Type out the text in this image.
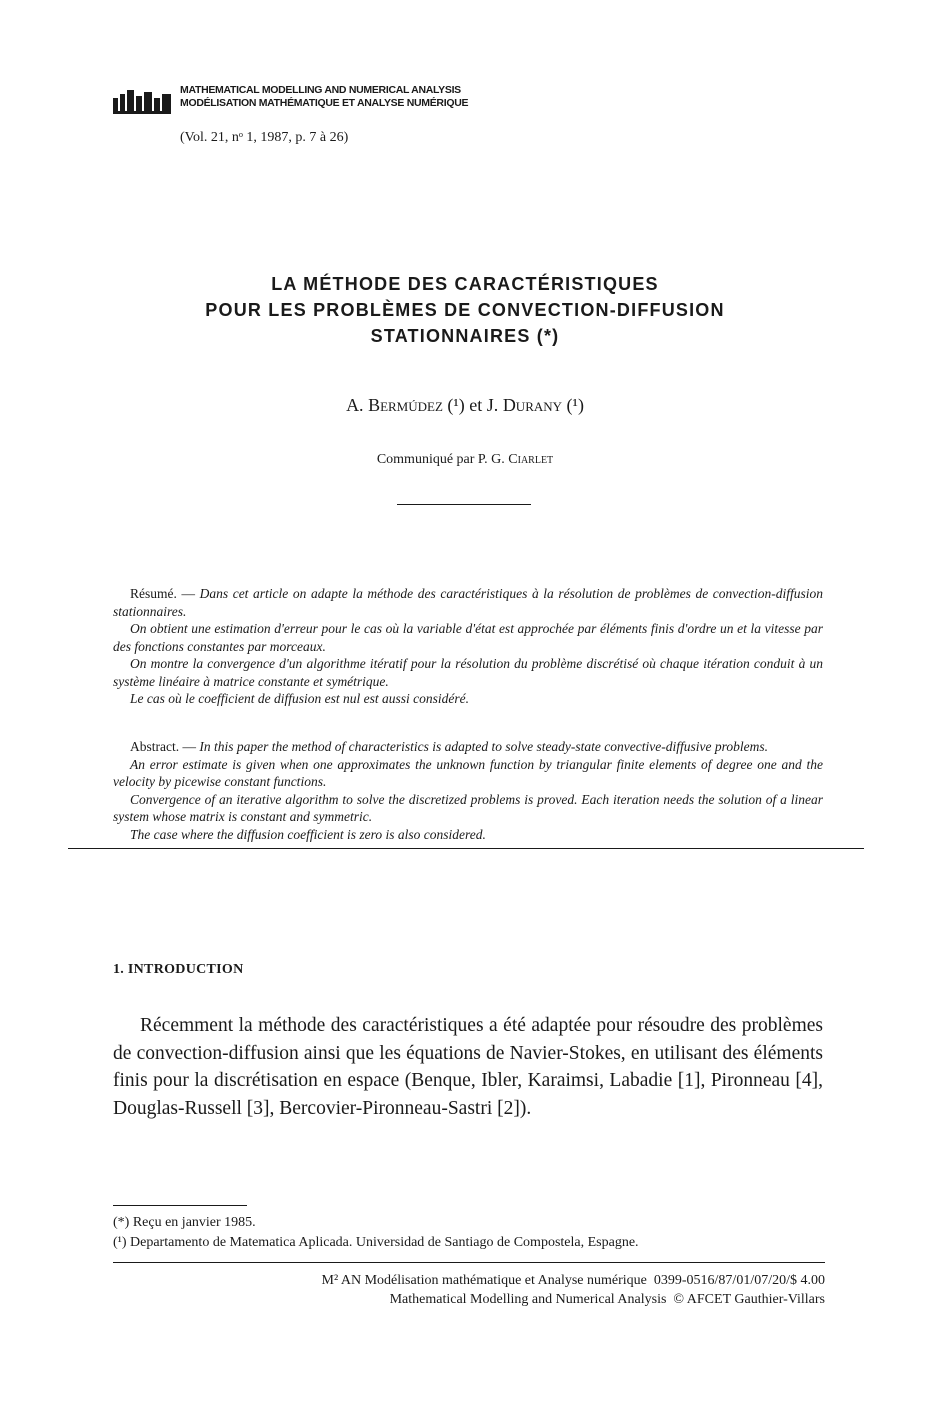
MATHEMATICAL MODELLING AND NUMERICAL ANALYSIS
MODÉLISATION MATHÉMATIQUE ET ANALYSE NUMÉRIQUE
(Vol. 21, nᵒ 1, 1987, p. 7 à 26)
LA MÉTHODE DES CARACTÉRISTIQUES
POUR LES PROBLÈMES DE CONVECTION-DIFFUSION
STATIONNAIRES (*)
A. Bermúdez (¹) et J. Durany (¹)
Communiqué par P. G. Ciarlet

Résumé. — Dans cet article on adapte la méthode des caractéristiques à la résolution de problèmes de convection-diffusion stationnaires.

On obtient une estimation d'erreur pour le cas où la variable d'état est approchée par éléments finis d'ordre un et la vitesse par des fonctions constantes par morceaux.

On montre la convergence d'un algorithme itératif pour la résolution du problème discrétisé où chaque itération conduit à un système linéaire à matrice constante et symétrique.

Le cas où le coefficient de diffusion est nul est aussi considéré.

Abstract. — In this paper the method of characteristics is adapted to solve steady-state convective-diffusive problems.

An error estimate is given when one approximates the unknown function by triangular finite elements of degree one and the velocity by picewise constant functions.

Convergence of an iterative algorithm to solve the discretized problems is proved. Each iteration needs the solution of a linear system whose matrix is constant and symmetric.

The case where the diffusion coefficient is zero is also considered.

1. INTRODUCTION

Récemment la méthode des caractéristiques a été adaptée pour résoudre des problèmes de convection-diffusion ainsi que les équations de Navier-Stokes, en utilisant des éléments finis pour la discrétisation en espace (Benque, Ibler, Karaimsi, Labadie [1], Pironneau [4], Douglas-Russell [3], Bercovier-Pironneau-Sastri [2]).

(*) Reçu en janvier 1985.
(¹) Departamento de Matematica Aplicada. Universidad de Santiago de Compostela, Espagne.
M² AN Modélisation mathématique et Analyse numérique 0399-0516/87/01/07/20/$ 4.00
Mathematical Modelling and Numerical Analysis © AFCET Gauthier-Villars
